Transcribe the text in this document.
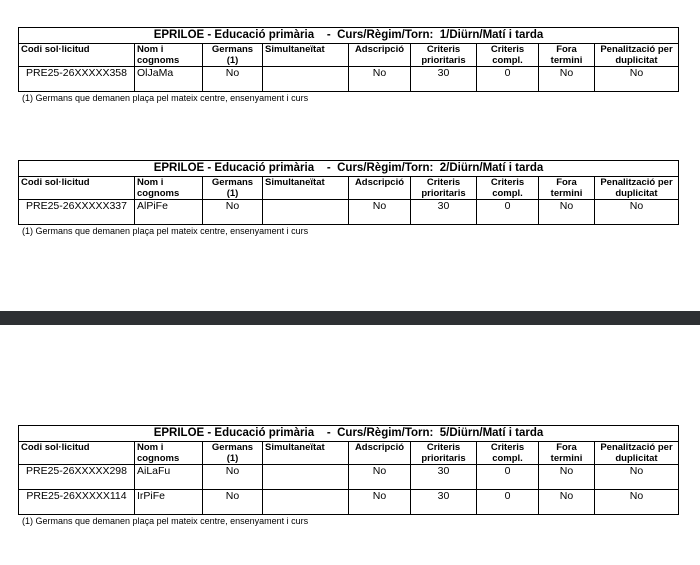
EPRILOE - Educació primària    -  Curs/Règim/Torn:  1/Diürn/Matí i tarda
Codi sol·licitud	Nom i cognoms	Germans (1)	Simultaneïtat	Adscripció	Criteris prioritaris	Criteris compl.	Fora termini	Penalització per duplicitat
PRE25-26XXXXX358	OlJaMa	No		No	30	0	No	No
(1) Germans que demanen plaça pel mateix centre, ensenyament i curs
EPRILOE - Educació primària    -  Curs/Règim/Torn:  2/Diürn/Matí i tarda
Codi sol·licitud	Nom i cognoms	Germans (1)	Simultaneïtat	Adscripció	Criteris prioritaris	Criteris compl.	Fora termini	Penalització per duplicitat
PRE25-26XXXXX337	AlPiFe	No		No	30	0	No	No
(1) Germans que demanen plaça pel mateix centre, ensenyament i curs
EPRILOE - Educació primària    -  Curs/Règim/Torn:  5/Diürn/Matí i tarda
Codi sol·licitud	Nom i cognoms	Germans (1)	Simultaneïtat	Adscripció	Criteris prioritaris	Criteris compl.	Fora termini	Penalització per duplicitat
PRE25-26XXXXX298	AiLaFu	No		No	30	0	No	No
PRE25-26XXXXX114	IrPiFe	No		No	30	0	No	No
(1) Germans que demanen plaça pel mateix centre, ensenyament i curs
